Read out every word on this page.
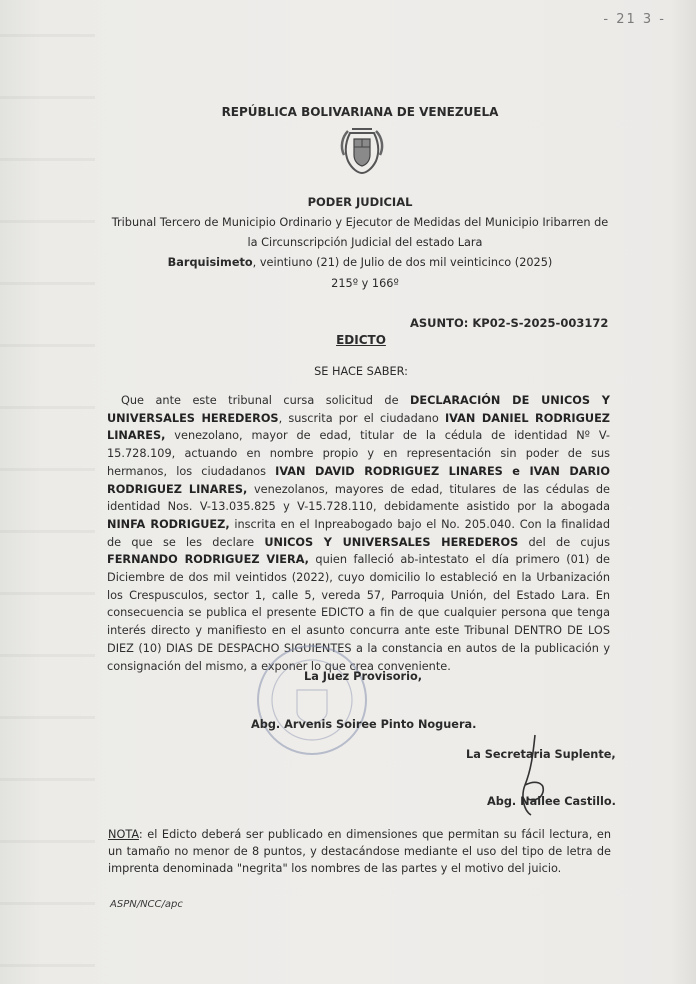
- 21 3 -
REPÚBLICA BOLIVARIANA DE VENEZUELA
PODER JUDICIAL
Tribunal Tercero de Municipio Ordinario y Ejecutor de Medidas del Municipio Iribarren de
la Circunscripción Judicial del estado Lara
Barquisimeto, veintiuno (21) de Julio de dos mil veinticinco (2025)
215º y 166º
ASUNTO: KP02-S-2025-003172
EDICTO
SE HACE SABER:
Que ante este tribunal cursa solicitud de DECLARACIÓN DE UNICOS Y UNIVERSALES HEREDEROS, suscrita por el ciudadano IVAN DANIEL RODRIGUEZ LINARES, venezolano, mayor de edad, titular de la cédula de identidad Nº V-15.728.109, actuando en nombre propio y en representación sin poder de sus hermanos, los ciudadanos IVAN DAVID RODRIGUEZ LINARES e IVAN DARIO RODRIGUEZ LINARES, venezolanos, mayores de edad, titulares de las cédulas de identidad Nos. V-13.035.825 y V-15.728.110, debidamente asistido por la abogada NINFA RODRIGUEZ, inscrita en el Inpreabogado bajo el No. 205.040. Con la finalidad de que se les declare UNICOS Y UNIVERSALES HEREDEROS del de cujus FERNANDO RODRIGUEZ VIERA, quien falleció ab-intestato el día primero (01) de Diciembre de dos mil veintidos (2022), cuyo domicilio lo estableció en la Urbanización los Crespusculos, sector 1, calle 5, vereda 57, Parroquia Unión, del Estado Lara. En consecuencia se publica el presente EDICTO a fin de que cualquier persona que tenga interés directo y manifiesto en el asunto concurra ante este Tribunal DENTRO DE LOS DIEZ (10) DIAS DE DESPACHO SIGUIENTES a la constancia en autos de la publicación y consignación del mismo, a exponer lo que crea conveniente.
La Juez Provisorio,
Abg. Arvenis Soiree Pinto Noguera.
La Secretaria Suplente,
Abg. Nailee Castillo.
NOTA: el Edicto deberá ser publicado en dimensiones que permitan su fácil lectura, en un tamaño no menor de 8 puntos, y destacándose mediante el uso del tipo de letra de imprenta denominada "negrita" los nombres de las partes y el motivo del juicio.
ASPN/NCC/apc
